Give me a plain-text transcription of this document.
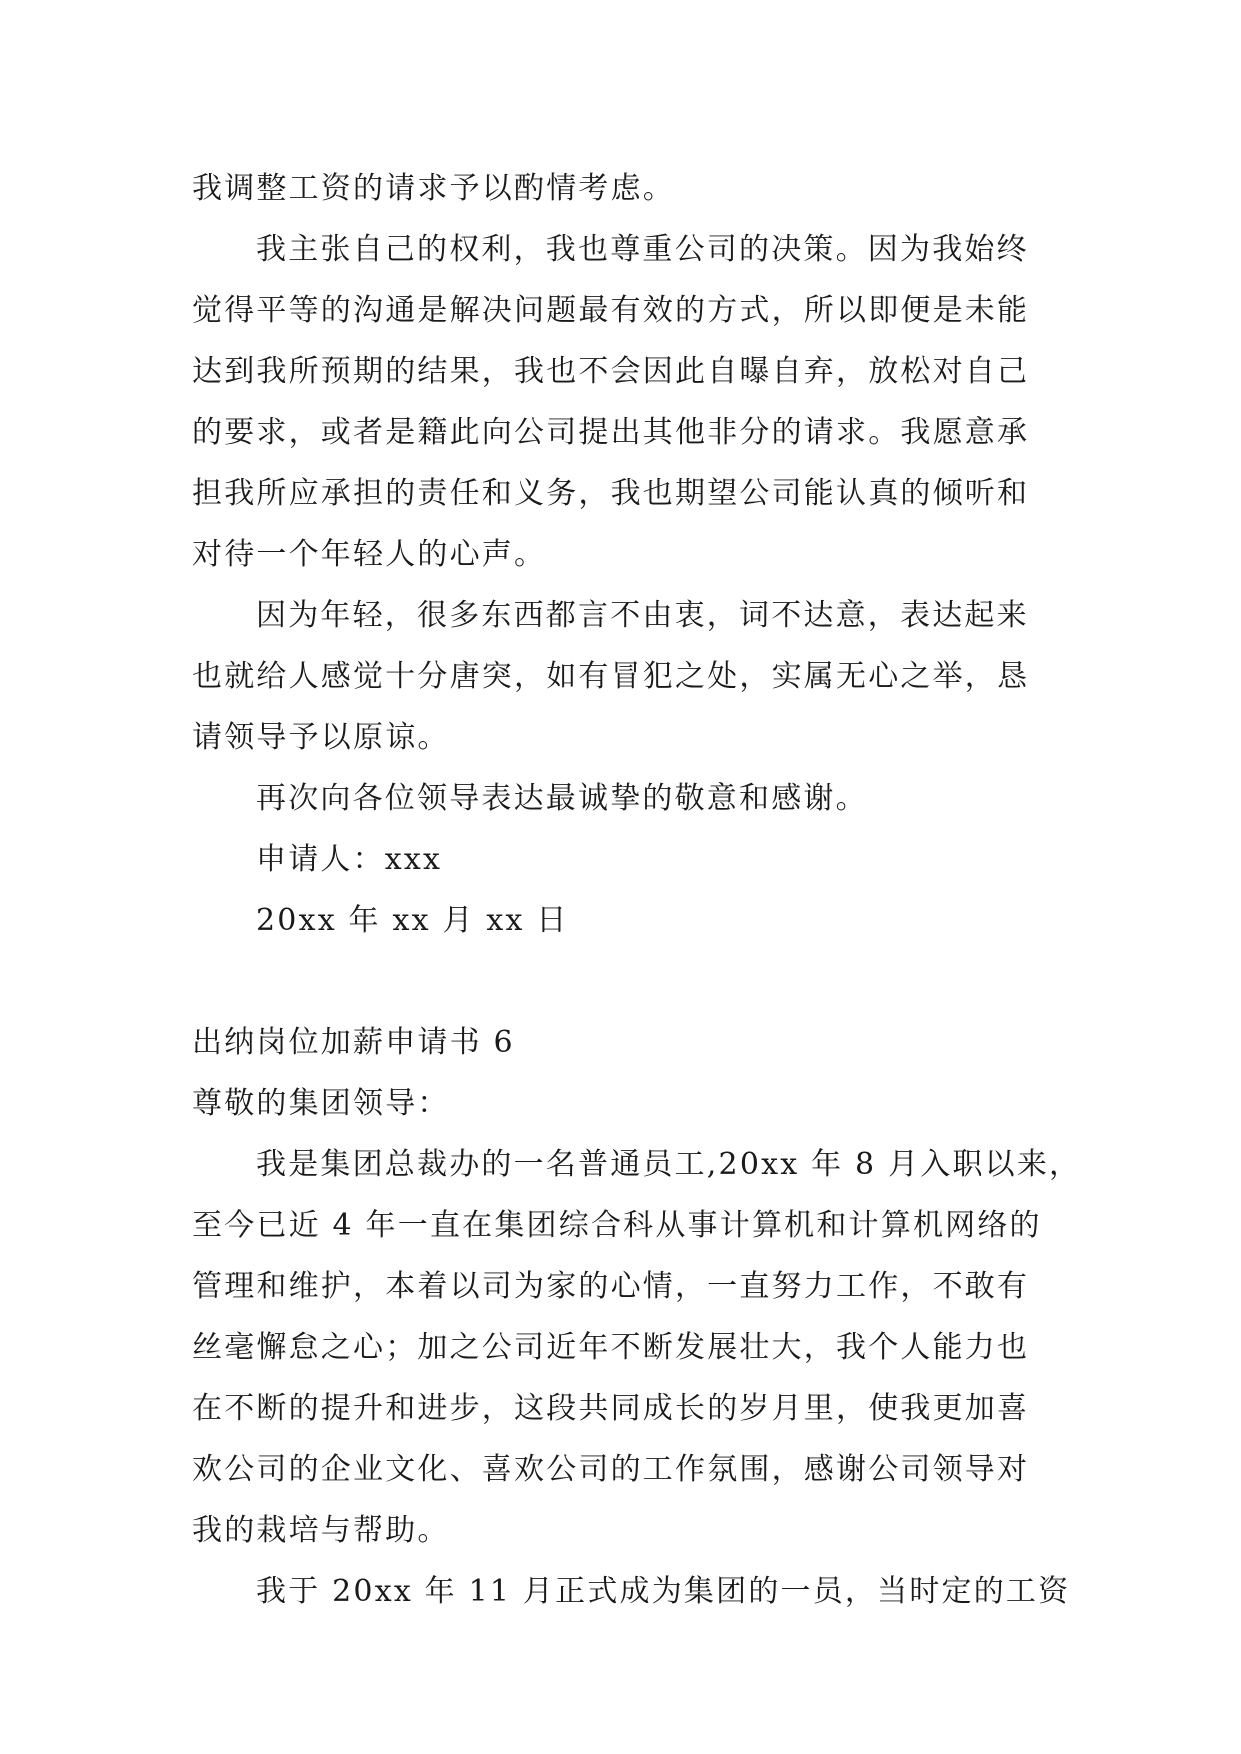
我调整工资的请求予以酌情考虑。
我主张自己的权利，我也尊重公司的决策。因为我始终
觉得平等的沟通是解决问题最有效的方式，所以即便是未能
达到我所预期的结果，我也不会因此自曝自弃，放松对自己
的要求，或者是籍此向公司提出其他非分的请求。我愿意承
担我所应承担的责任和义务，我也期望公司能认真的倾听和
对待一个年轻人的心声。
因为年轻，很多东西都言不由衷，词不达意，表达起来
也就给人感觉十分唐突，如有冒犯之处，实属无心之举，恳
请领导予以原谅。
再次向各位领导表达最诚挚的敬意和感谢。
申请人：xxx
20xx 年 xx 月 xx 日
出纳岗位加薪申请书 6
尊敬的集团领导：
我是集团总裁办的一名普通员工,20xx 年 8 月入职以来，
至今已近 4 年一直在集团综合科从事计算机和计算机网络的
管理和维护，本着以司为家的心情，一直努力工作，不敢有
丝毫懈怠之心；加之公司近年不断发展壮大，我个人能力也
在不断的提升和进步，这段共同成长的岁月里，使我更加喜
欢公司的企业文化、喜欢公司的工作氛围，感谢公司领导对
我的栽培与帮助。
我于 20xx 年 11 月正式成为集团的一员，当时定的工资
